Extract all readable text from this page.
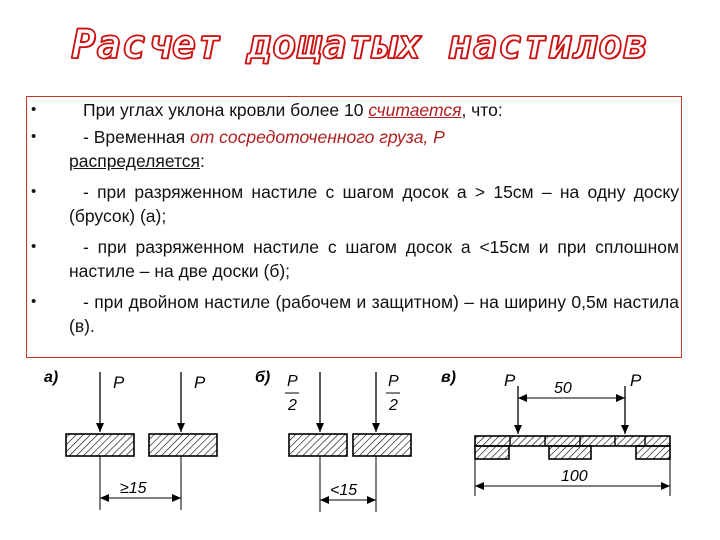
Расчет дощатых настилов
• При углах уклона кровли более 10 считается, что:
• - Временная от сосредоточенного груза, Р
распределяется:
• - при разряженном настиле с шагом досок а > 15см – на одну доску (брусок) (а);
• - при разряженном настиле с шагом досок а <15см и при сплошном настиле – на две доски (б);
• - при двойном настиле (рабочем и защитном) – на ширину 0,5м настила (в).
а)	P	P
≥15
б) P
2
P
2
<15
в)	P	P
50
100
